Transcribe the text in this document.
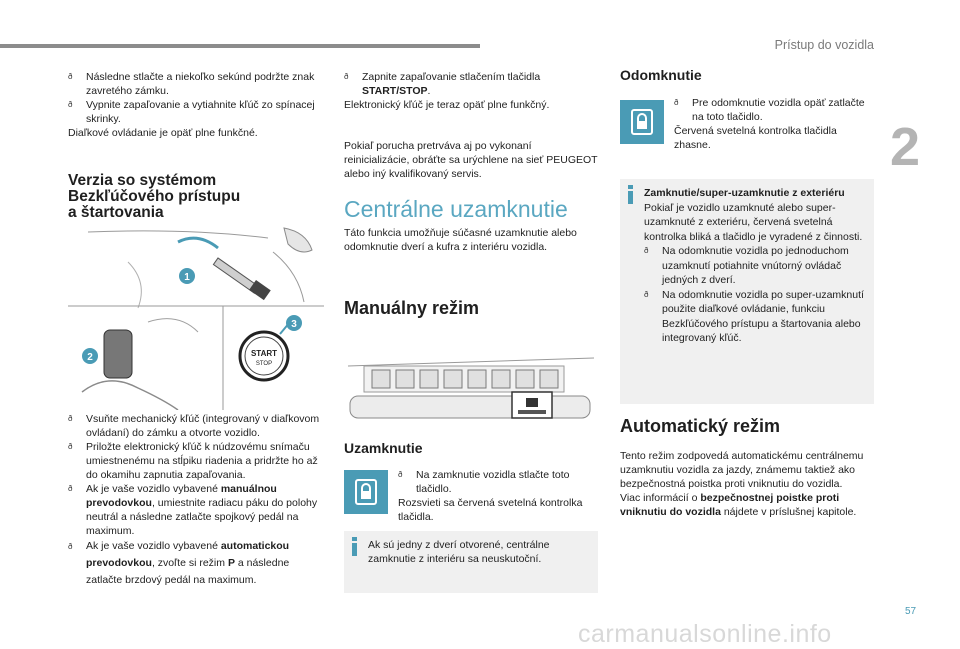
Prístup do vozidla
2
57
carmanualsonline.info
ð Následne stlačte a niekoľko sekúnd podržte znak zavretého zámku.
ð Vypnite zapaľovanie a vytiahnite kľúč zo spínacej skrinky.

Diaľkové ovládanie je opäť plne funkčné.

Verzia so systémom

Bezkľúčového prístupu

a štartovania

START
STOP
1
2
3
ð Vsuňte mechanický kľúč (integrovaný v diaľkovom ovládaní) do zámku a otvorte vozidlo.
ð Priložte elektronický kľúč k núdzovému snímaču umiestnenému na stĺpiku riadenia a pridržte ho až do okamihu zapnutia zapaľovania.
ð Ak je vaše vozidlo vybavené manuálnou prevodovkou, umiestnite radiacu páku do polohy neutrál a následne zatlačte spojkový pedál na maximum.
ð Ak je vaše vozidlo vybavené automatickou prevodovkou, zvoľte si režim P a následne zatlačte brzdový pedál na maximum.
ð Zapnite zapaľovanie stlačením tlačidla START/STOP.

Elektronický kľúč je teraz opäť plne funkčný.

Pokiaľ porucha pretrváva aj po vykonaní reinicializácie, obráťte sa urýchlene na sieť PEUGEOT alebo iný kvalifikovaný servis.

Centrálne uzamknutie

Táto funkcia umožňuje súčasné uzamknutie alebo odomknutie dverí a kufra z interiéru vozidla.

Manuálny režim

Uzamknutie

ð Na zamknutie vozidla stlačte toto tlačidlo.

Rozsvieti sa červená svetelná kontrolka tlačidla.

Ak sú jedny z dverí otvorené, centrálne zamknutie z interiéru sa neuskutoční.

Odomknutie

ð Pre odomknutie vozidla opäť zatlačte na toto tlačidlo.

Červená svetelná kontrolka tlačidla zhasne.

Zamknutie/super-uzamknutie z exteriéru

Pokiaľ je vozidlo uzamknuté alebo super-uzamknuté z exteriéru, červená svetelná kontrolka bliká a tlačidlo je vyradené z činnosti.

ð Na odomknutie vozidla po jednoduchom uzamknutí potiahnite vnútorný ovládač jedných z dverí.
ð Na odomknutie vozidla po super-uzamknutí použite diaľkové ovládanie, funkciu Bezkľúčového prístupu a štartovania alebo integrovaný kľúč.

Automatický režim

Tento režim zodpovedá automatickému centrálnemu uzamknutiu vozidla za jazdy, známemu taktiež ako bezpečnostná poistka proti vniknutiu do vozidla.

Viac informácií o bezpečnostnej poistke proti vniknutiu do vozidla nájdete v príslušnej kapitole.
